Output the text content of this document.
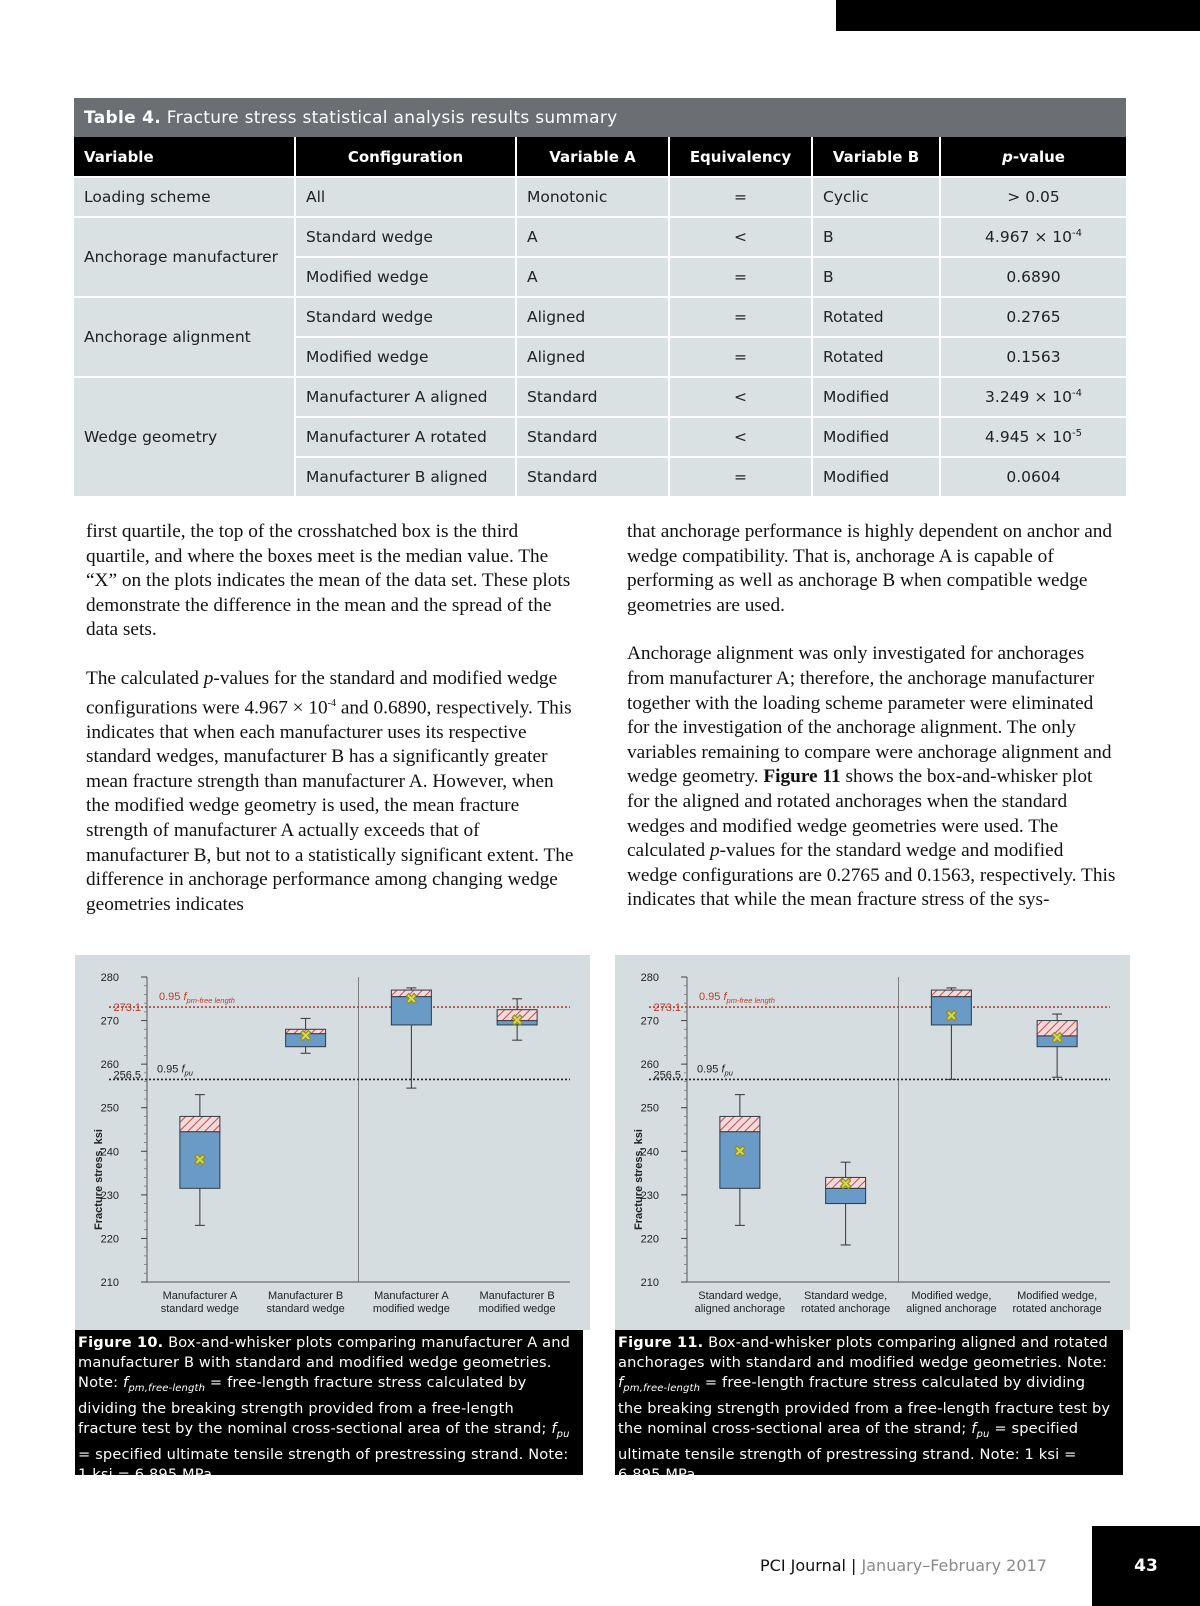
Table 4. Fracture stress statistical analysis results summary					
Variable	Configuration	Variable A	Equivalency	Variable B	p-value
Loading scheme	All	Monotonic	=	Cyclic	> 0.05
Anchorage manufacturer	Standard wedge	A	<	B	$4.967 \times 10^{-4}$
	Modified wedge	A	=	B	0.6890
Anchorage alignment	Standard wedge	Aligned	=	Rotated	0.2765
	Modified wedge	Aligned	=	Rotated	0.1563
Wedge geometry	Manufacturer A aligned	Standard	<	Modified	$3.249 \times 10^{-4}$
	Manufacturer A rotated	Standard	<	Modified	$4.945 \times 10^{-5}$
	Manufacturer B aligned	Standard	=	Modified	0.0604

first quartile, the top of the crosshatched box is the third quartile, and where the boxes meet is the median value. The “X” on the plots indicates the mean of the data set. These plots demonstrate the difference in the mean and the spread of the data sets.

The calculated p-values for the standard and modified wedge configurations were $4.967 \times 10^{-4}$ and 0.6890, respectively. This indicates that when each manufacturer uses its respective standard wedges, manufacturer B has a significantly greater mean fracture strength than manufacturer A. However, when the modified wedge geometry is used, the mean fracture strength of manufacturer A actually exceeds that of manufacturer B, but not to a statistically significant extent. The difference in anchorage performance among changing wedge geometries indicates

that anchorage performance is highly dependent on anchor and wedge compatibility. That is, anchorage A is capable of performing as well as anchorage B when compatible wedge geometries are used.

Anchorage alignment was only investigated for anchorages from manufacturer A; therefore, the anchorage manufacturer together with the loading scheme parameter were eliminated for the investigation of the anchorage alignment. The only variables remaining to compare were anchorage alignment and wedge geometry. Figure 11 shows the box-and-whisker plot for the aligned and rotated anchorages when the standard wedges and modified wedge geometries were used. The calculated p-values for the standard wedge and modified wedge configurations are 0.2765 and 0.1563, respectively. This indicates that while the mean fracture stress of the sys-

210
220
230
240
250
260
270
280
Fracture stress, ksi
273.1
0.95 $f_{pm-free length}$
256.5 0.95 $f_{pu}$
✖
Manufacturer A
standard wedge
✖
Manufacturer B
standard wedge
✖
Manufacturer A
modified wedge
✖
Manufacturer B
modified wedge
Figure 10. Box-and-whisker plots comparing manufacturer A and manufacturer B with standard and modified wedge geometries. Note: $f_{pm,free-length}$ = free-length fracture stress calculated by dividing the breaking strength provided from a free-length fracture test by the nominal cross-sectional area of the strand; $f_{pu}$ = specified ultimate tensile strength of prestressing strand. Note: 1 ksi = 6.895 MPa.
210
220
230
240
250
260
270
280
Fracture stress, ksi
273.1
0.95 $f_{pm-free length}$
256.5 0.95 $f_{pu}$
✖
Standard wedge,
aligned anchorage
✖
Standard wedge,
rotated anchorage
✖
Modified wedge,
aligned anchorage
✖
Modified wedge,
rotated anchorage
Figure 11. Box-and-whisker plots comparing aligned and rotated anchorages with standard and modified wedge geometries. Note: $f_{pm,free-length}$ = free-length fracture stress calculated by dividing the breaking strength provided from a free-length fracture test by the nominal cross-sectional area of the strand; $f_{pu}$ = specified ultimate tensile strength of prestressing strand. Note: 1 ksi = 6.895 MPa.
PCI Journal | January–February 2017	43
